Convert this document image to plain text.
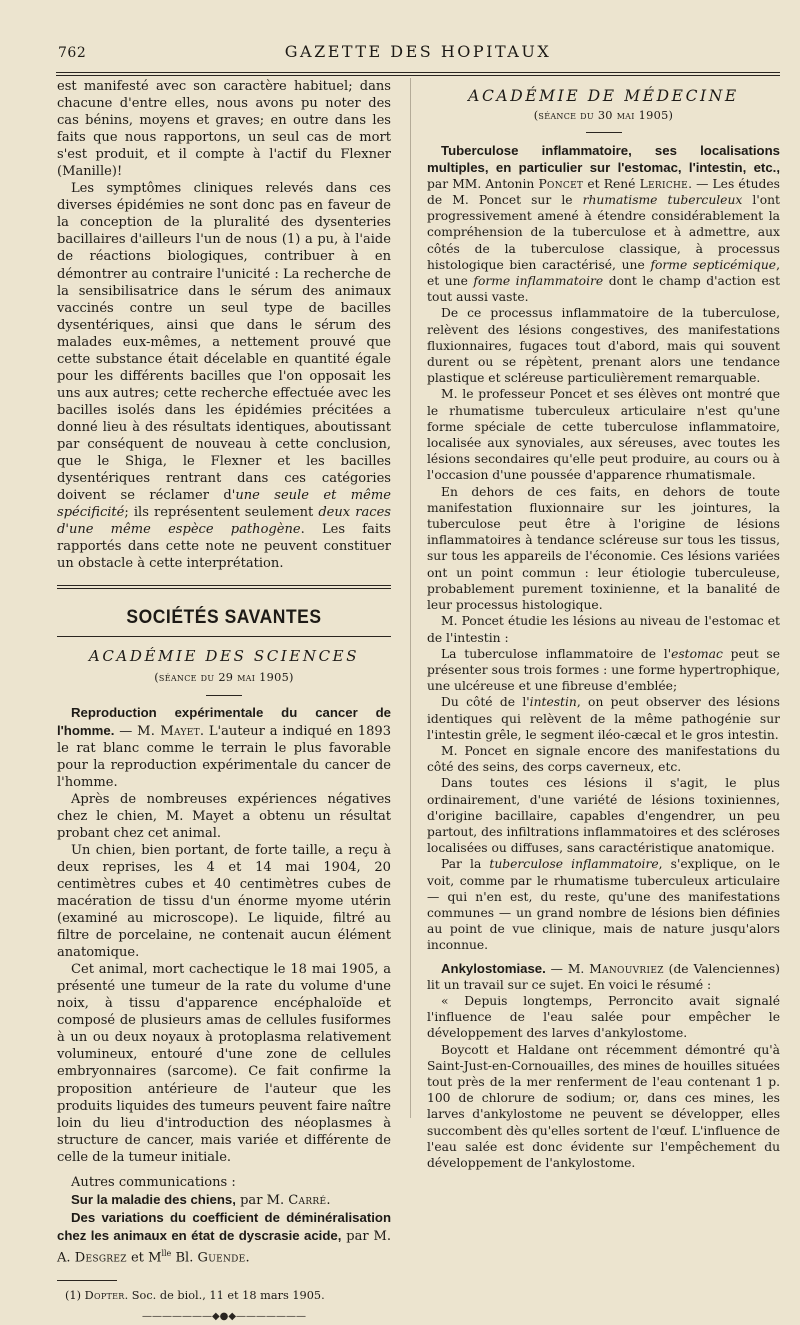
762	GAZETTE DES HOPITAUX

est manifesté avec son caractère habituel; dans chacune d'entre elles, nous avons pu noter des cas bénins, moyens et graves; en outre dans les faits que nous rapportons, un seul cas de mort s'est produit, et il compte à l'actif du Flexner (Manille)!

Les symptômes cliniques relevés dans ces diverses épidémies ne sont donc pas en faveur de la conception de la pluralité des dysenteries bacillaires d'ailleurs l'un de nous (1) a pu, à l'aide de réactions biologiques, contribuer à en démontrer au contraire l'unicité : La recherche de la sensibilisatrice dans le sérum des animaux vaccinés contre un seul type de bacilles dysentériques, ainsi que dans le sérum des malades eux-mêmes, a nettement prouvé que cette substance était décelable en quantité égale pour les différents bacilles que l'on opposait les uns aux autres; cette recherche effectuée avec les bacilles isolés dans les épidémies précitées a donné lieu à des résultats identiques, aboutissant par conséquent de nouveau à cette conclusion, que le Shiga, le Flexner et les bacilles dysentériques rentrant dans ces catégories doivent se réclamer d'une seule et même spécificité; ils représentent seulement deux races d'une même espèce pathogène. Les faits rapportés dans cette note ne peuvent constituer un obstacle à cette interprétation.

SOCIÉTÉS SAVANTES

ACADÉMIE DES SCIENCES

(séance du 29 mai 1905)

Reproduction expérimentale du cancer de l'homme. — M. Mayet. L'auteur a indiqué en 1893 le rat blanc comme le terrain le plus favorable pour la reproduction expérimentale du cancer de l'homme.

Après de nombreuses expériences négatives chez le chien, M. Mayet a obtenu un résultat probant chez cet animal.

Un chien, bien portant, de forte taille, a reçu à deux reprises, les 4 et 14 mai 1904, 20 centimètres cubes et 40 centimètres cubes de macération de tissu d'un énorme myome utérin (examiné au microscope). Le liquide, filtré au filtre de porcelaine, ne contenait aucun élément anatomique.

Cet animal, mort cachectique le 18 mai 1905, a présenté une tumeur de la rate du volume d'une noix, à tissu d'apparence encéphaloïde et composé de plusieurs amas de cellules fusiformes à un ou deux noyaux à protoplasma relativement volumineux, entouré d'une zone de cellules embryonnaires (sarcome). Ce fait confirme la proposition antérieure de l'auteur que les produits liquides des tumeurs peuvent faire naître loin du lieu d'introduction des néoplasmes à structure de cancer, mais variée et différente de celle de la tumeur initiale.

Autres communications :

Sur la maladie des chiens, par M. Carré.

Des variations du coefficient de déminéralisation chez les animaux en état de dyscrasie acide, par M. A. Desgrez et $M^{lle}$ Bl. Guende.

(1) Dopter. Soc. de biol., 11 et 18 mars 1905.

———————◆●◆———————

ACADÉMIE DE MÉDECINE

(séance du 30 mai 1905)

Tuberculose inflammatoire, ses localisations multiples, en particulier sur l'estomac, l'intestin, etc., par MM. Antonin Poncet et René Leriche. — Les études de M. Poncet sur le rhumatisme tuberculeux l'ont progressivement amené à étendre considérablement la compréhension de la tuberculose et à admettre, aux côtés de la tuberculose classique, à processus histologique bien caractérisé, une forme septicémique, et une forme inflammatoire dont le champ d'action est tout aussi vaste.

De ce processus inflammatoire de la tuberculose, relèvent des lésions congestives, des manifestations fluxionnaires, fugaces tout d'abord, mais qui souvent durent ou se répètent, prenant alors une tendance plastique et scléreuse particulièrement remarquable.

M. le professeur Poncet et ses élèves ont montré que le rhumatisme tuberculeux articulaire n'est qu'une forme spéciale de cette tuberculose inflammatoire, localisée aux synoviales, aux séreuses, avec toutes les lésions secondaires qu'elle peut produire, au cours ou à l'occasion d'une poussée d'apparence rhumatismale.

En dehors de ces faits, en dehors de toute manifestation fluxionnaire sur les jointures, la tuberculose peut être à l'origine de lésions inflammatoires à tendance scléreuse sur tous les tissus, sur tous les appareils de l'économie. Ces lésions variées ont un point commun : leur étiologie tuberculeuse, probablement purement toxinienne, et la banalité de leur processus histologique.

M. Poncet étudie les lésions au niveau de l'estomac et de l'intestin :

La tuberculose inflammatoire de l'estomac peut se présenter sous trois formes : une forme hypertrophique, une ulcéreuse et une fibreuse d'emblée;

Du côté de l'intestin, on peut observer des lésions identiques qui relèvent de la même pathogénie sur l'intestin grêle, le segment iléo-cæcal et le gros intestin.

M. Poncet en signale encore des manifestations du côté des seins, des corps caverneux, etc.

Dans toutes ces lésions il s'agit, le plus ordinairement, d'une variété de lésions toxiniennes, d'origine bacillaire, capables d'engendrer, un peu partout, des infiltrations inflammatoires et des scléroses localisées ou diffuses, sans caractéristique anatomique.

Par la tuberculose inflammatoire, s'explique, on le voit, comme par le rhumatisme tuberculeux articulaire — qui n'en est, du reste, qu'une des manifestations communes — un grand nombre de lésions bien définies au point de vue clinique, mais de nature jusqu'alors inconnue.

Ankylostomiase. — M. Manouvriez (de Valenciennes) lit un travail sur ce sujet. En voici le résumé :

« Depuis longtemps, Perroncito avait signalé l'influence de l'eau salée pour empêcher le développement des larves d'ankylostome.

Boycott et Haldane ont récemment démontré qu'à Saint-Just-en-Cornouailles, des mines de houilles situées tout près de la mer renferment de l'eau contenant 1 p. 100 de chlorure de sodium; or, dans ces mines, les larves d'ankylostome ne peuvent se développer, elles succombent dès qu'elles sortent de l'œuf. L'influence de l'eau salée est donc évidente sur l'empêchement du développement de l'ankylostome.
